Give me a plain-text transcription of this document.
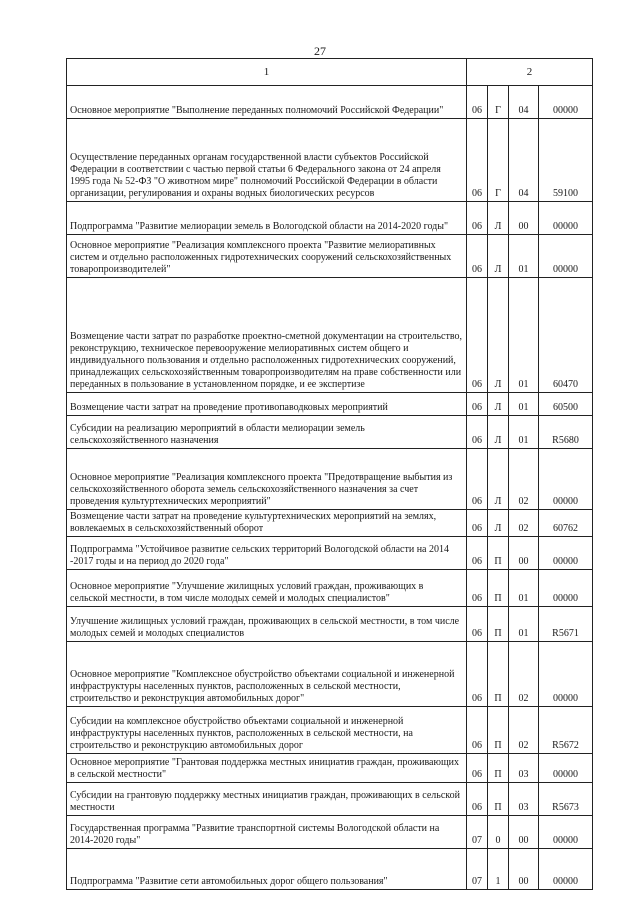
27
1	2			
Основное мероприятие "Выполнение переданных полномочий Российской Федерации"	06	Г	04	00000
Осуществление переданных органам государственной власти субъектов Российской Федерации в соответствии с частью первой статьи 6 Федерального закона от 24 апреля 1995 года № 52-ФЗ "О животном мире" полномочий Российской Федерации в области организации, регулирования и охраны водных биологических ресурсов	06	Г	04	59100
Подпрограмма "Развитие мелиорации земель в Вологодской области на 2014-2020 годы"	06	Л	00	00000
Основное мероприятие "Реализация комплексного проекта "Развитие мелиоративных систем и отдельно расположенных гидротехнических сооружений сельскохозяйственных товаропроизводителей"	06	Л	01	00000
Возмещение части затрат по разработке проектно-сметной документации на строительство, реконструкцию, техническое перевооружение мелиоративных систем общего и индивидуального пользования и отдельно расположенных гидротехнических сооружений, принадлежащих сельскохозяйственным товаропроизводителям на праве собственности или переданных в пользование в установленном порядке, и ее экспертизе	06	Л	01	60470
Возмещение части затрат на проведение противопаводковых мероприятий	06	Л	01	60500
Субсидии на реализацию мероприятий в области мелиорации земель сельскохозяйственного назначения	06	Л	01	R5680
Основное мероприятие "Реализация комплексного проекта "Предотвращение выбытия из сельскохозяйственного оборота земель сельскохозяйственного назначения за счет проведения культуртехнических мероприятий"	06	Л	02	00000
Возмещение части затрат на проведение культуртехнических мероприятий на землях, вовлекаемых в сельскохозяйственный оборот	06	Л	02	60762
Подпрограмма "Устойчивое развитие сельских территорий Вологодской области на 2014 -2017 годы и на период до 2020 года"	06	П	00	00000
Основное мероприятие "Улучшение жилищных условий граждан, проживающих в сельской местности, в том числе молодых семей и молодых специалистов"	06	П	01	00000
Улучшение жилищных условий граждан, проживающих в сельской местности, в том числе молодых семей и молодых специалистов	06	П	01	R5671
Основное мероприятие "Комплексное обустройство объектами социальной и инженерной инфраструктуры населенных пунктов, расположенных в сельской местности, строительство и реконструкция автомобильных дорог"	06	П	02	00000
Субсидии на комплексное обустройство объектами социальной и инженерной инфраструктуры населенных пунктов, расположенных в сельской местности, на строительство и реконструкцию автомобильных дорог	06	П	02	R5672
Основное мероприятие "Грантовая поддержка местных инициатив граждан, проживающих в сельской местности"	06	П	03	00000
Субсидии на грантовую поддержку местных инициатив граждан, проживающих в сельской местности	06	П	03	R5673
Государственная программа "Развитие транспортной системы Вологодской области на 2014-2020 годы"	07	0	00	00000
Подпрограмма "Развитие сети автомобильных дорог общего пользования"	07	1	00	00000
